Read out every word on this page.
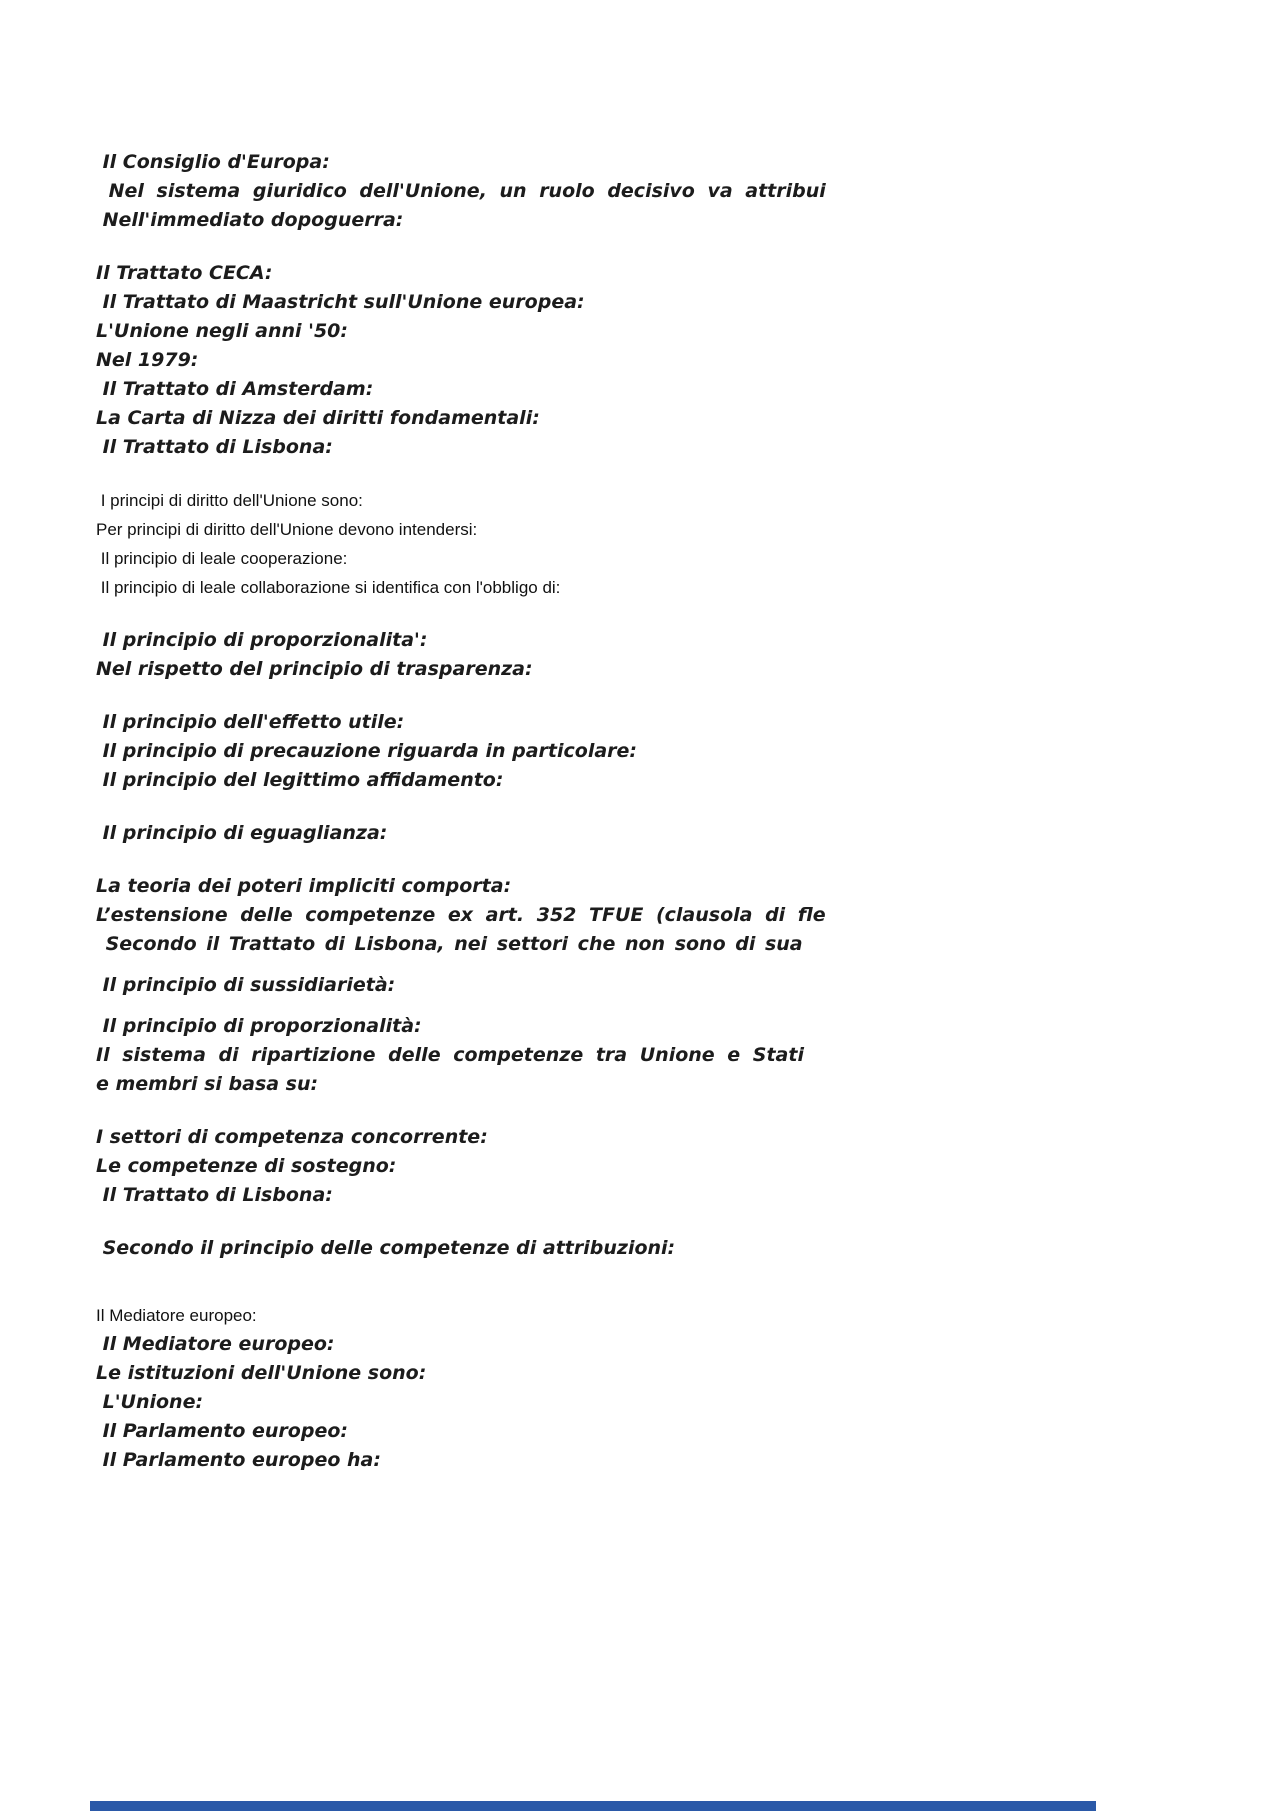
Il Consiglio d'Europa:
Nel sistema giuridico dell'Unione, un ruolo decisivo va attribui
Nell'immediato dopoguerra:
Il Trattato CECA:
Il Trattato di Maastricht sull'Unione europea:
L'Unione negli anni '50:
Nel 1979:
Il Trattato di Amsterdam:
La Carta di Nizza dei diritti fondamentali:
Il Trattato di Lisbona:
I principi di diritto dell'Unione sono:
Per principi di diritto dell'Unione devono intendersi:
Il principio di leale cooperazione:
Il principio di leale collaborazione si identifica con l'obbligo di:
Il principio di proporzionalita':
Nel rispetto del principio di trasparenza:
Il principio dell'effetto utile:
Il principio di precauzione riguarda in particolare:
Il principio del legittimo affidamento:
Il principio di eguaglianza:
La teoria dei poteri impliciti comporta:
L’estensione delle competenze ex art. 352 TFUE (clausola di fle
Secondo il Trattato di Lisbona, nei settori che non sono di sua
Il principio di sussidiarietà:
Il principio di proporzionalità:
Il sistema di ripartizione delle competenze tra Unione e Stati
e membri si basa su:
I settori di competenza concorrente:
Le competenze di sostegno:
Il Trattato di Lisbona:
Secondo il principio delle competenze di attribuzioni:
Il Mediatore europeo:
Il Mediatore europeo:
Le istituzioni dell'Unione sono:
L'Unione:
Il Parlamento europeo:
Il Parlamento europeo ha:
